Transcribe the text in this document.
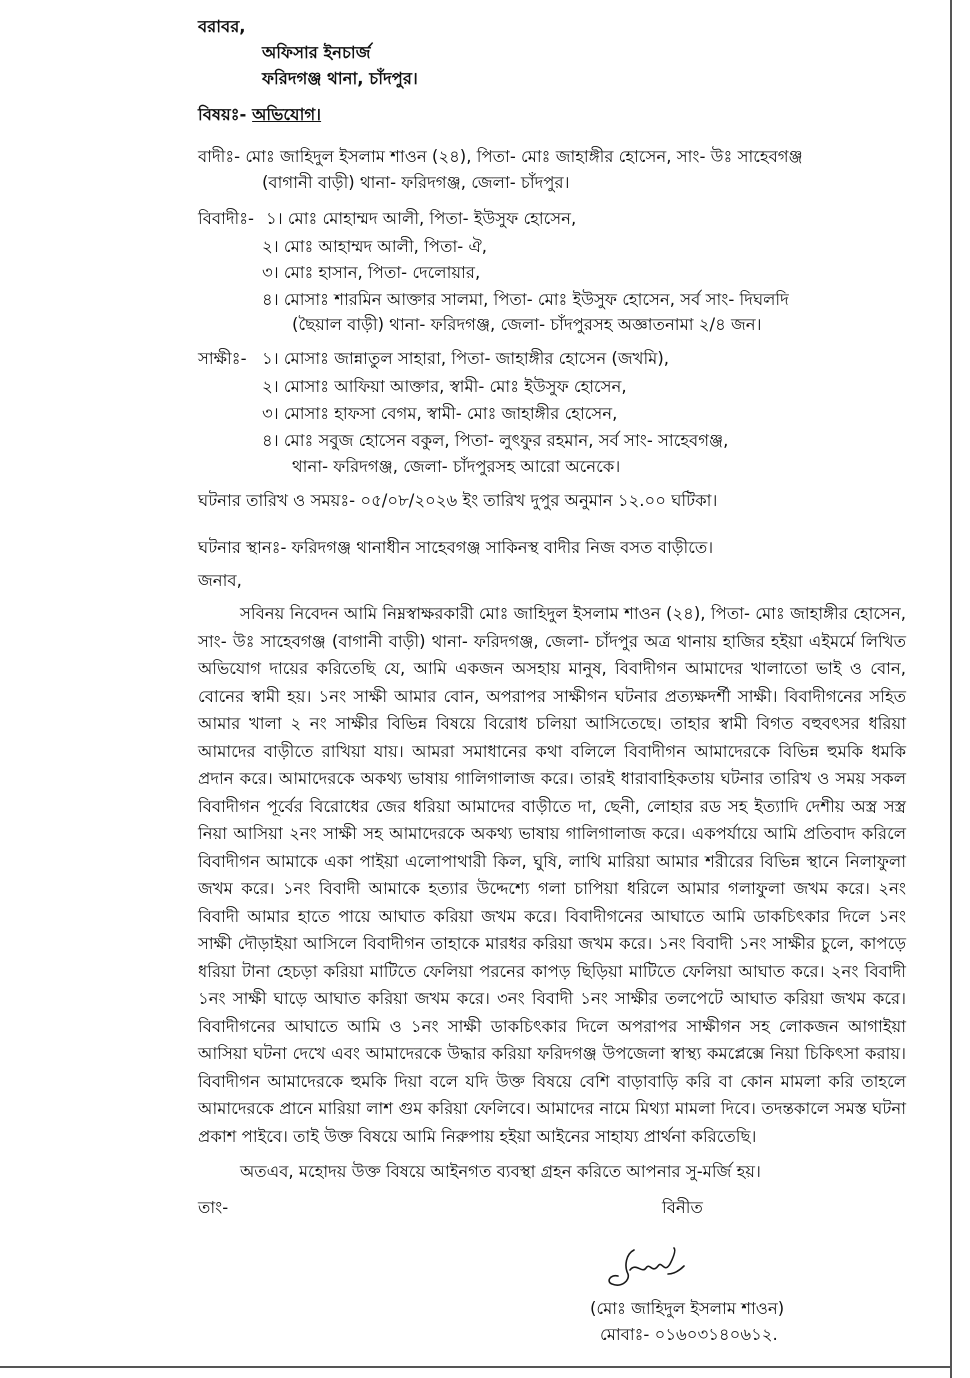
বরাবর,
অফিসার ইনচার্জ
ফরিদগঞ্জ থানা, চাঁদপুর।
বিষয়ঃ- অভিযোগ।
বাদীঃ- মোঃ জাহিদুল ইসলাম শাওন (২৪), পিতা- মোঃ জাহাঙ্গীর হোসেন, সাং- উঃ সাহেবগঞ্জ
(বাগানী বাড়ী) থানা- ফরিদগঞ্জ, জেলা- চাঁদপুর।
বিবাদীঃ- ১। মোঃ মোহাম্মদ আলী, পিতা- ইউসুফ হোসেন,
২। মোঃ আহাম্মদ আলী, পিতা- ঐ,
৩। মোঃ হাসান, পিতা- দেলোয়ার,
৪। মোসাঃ শারমিন আক্তার সালমা, পিতা- মোঃ ইউসুফ হোসেন, সর্ব সাং- দিঘলদি
(ছৈয়াল বাড়ী) থানা- ফরিদগঞ্জ, জেলা- চাঁদপুরসহ অজ্ঞাতনামা ২/৪ জন।
সাক্ষীঃ- ১। মোসাঃ জান্নাতুল সাহারা, পিতা- জাহাঙ্গীর হোসেন (জখমি),
২। মোসাঃ আফিয়া আক্তার, স্বামী- মোঃ ইউসুফ হোসেন,
৩। মোসাঃ হাফসা বেগম, স্বামী- মোঃ জাহাঙ্গীর হোসেন,
৪। মোঃ সবুজ হোসেন বকুল, পিতা- লুৎফুর রহমান, সর্ব সাং- সাহেবগঞ্জ,
থানা- ফরিদগঞ্জ, জেলা- চাঁদপুরসহ আরো অনেকে।
ঘটনার তারিখ ও সময়ঃ- ০৫/০৮/২০২৬ ইং তারিখ দুপুর অনুমান ১২.০০ ঘটিকা।
ঘটনার স্থানঃ- ফরিদগঞ্জ থানাধীন সাহেবগঞ্জ সাকিনস্থ বাদীর নিজ বসত বাড়ীতে।
জনাব,
সবিনয় নিবেদন আমি নিম্নস্বাক্ষরকারী মোঃ জাহিদুল ইসলাম শাওন (২৪), পিতা- মোঃ জাহাঙ্গীর হোসেন, সাং- উঃ সাহেবগঞ্জ (বাগানী বাড়ী) থানা- ফরিদগঞ্জ, জেলা- চাঁদপুর অত্র থানায় হাজির হইয়া এইমর্মে লিখিত অভিযোগ দায়ের করিতেছি যে, আমি একজন অসহায় মানুষ, বিবাদীগন আমাদের খালাতো ভাই ও বোন, বোনের স্বামী হয়। ১নং সাক্ষী আমার বোন, অপরাপর সাক্ষীগন ঘটনার প্রত্যক্ষদর্শী সাক্ষী। বিবাদীগনের সহিত আমার খালা ২ নং সাক্ষীর বিভিন্ন বিষয়ে বিরোধ চলিয়া আসিতেছে। তাহার স্বামী বিগত বহুবৎসর ধরিয়া আমাদের বাড়ীতে রাখিয়া যায়। আমরা সমাধানের কথা বলিলে বিবাদীগন আমাদেরকে বিভিন্ন হুমকি ধমকি প্রদান করে। আমাদেরকে অকথ্য ভাষায় গালিগালাজ করে। তারই ধারাবাহিকতায় ঘটনার তারিখ ও সময় সকল বিবাদীগন পূর্বের বিরোধের জের ধরিয়া আমাদের বাড়ীতে দা, ছেনী, লোহার রড সহ ইত্যাদি দেশীয় অস্ত্র সস্ত্র নিয়া আসিয়া ২নং সাক্ষী সহ আমাদেরকে অকথ্য ভাষায় গালিগালাজ করে। একপর্যায়ে আমি প্রতিবাদ করিলে বিবাদীগন আমাকে একা পাইয়া এলোপাথারী কিল, ঘুষি, লাথি মারিয়া আমার শরীরের বিভিন্ন স্থানে নিলাফুলা জখম করে। ১নং বিবাদী আমাকে হত্যার উদ্দেশ্যে গলা চাপিয়া ধরিলে আমার গলাফুলা জখম করে। ২নং বিবাদী আমার হাতে পায়ে আঘাত করিয়া জখম করে। বিবাদীগনের আঘাতে আমি ডাকচিৎকার দিলে ১নং সাক্ষী দৌড়াইয়া আসিলে বিবাদীগন তাহাকে মারধর করিয়া জখম করে। ১নং বিবাদী ১নং সাক্ষীর চুলে, কাপড়ে ধরিয়া টানা হেচড়া করিয়া মাটিতে ফেলিয়া পরনের কাপড় ছিড়িয়া মাটিতে ফেলিয়া আঘাত করে। ২নং বিবাদী ১নং সাক্ষী ঘাড়ে আঘাত করিয়া জখম করে। ৩নং বিবাদী ১নং সাক্ষীর তলপেটে আঘাত করিয়া জখম করে। বিবাদীগনের আঘাতে আমি ও ১নং সাক্ষী ডাকচিৎকার দিলে অপরাপর সাক্ষীগন সহ লোকজন আগাইয়া আসিয়া ঘটনা দেখে এবং আমাদেরকে উদ্ধার করিয়া ফরিদগঞ্জ উপজেলা স্বাস্থ্য কমপ্লেক্সে নিয়া চিকিৎসা করায়। বিবাদীগন আমাদেরকে হুমকি দিয়া বলে যদি উক্ত বিষয়ে বেশি বাড়াবাড়ি করি বা কোন মামলা করি তাহলে আমাদেরকে প্রানে মারিয়া লাশ গুম করিয়া ফেলিবে। আমাদের নামে মিথ্যা মামলা দিবে। তদন্তকালে সমস্ত ঘটনা প্রকাশ পাইবে। তাই উক্ত বিষয়ে আমি নিরুপায় হইয়া আইনের সাহায্য প্রার্থনা করিতেছি।
অতএব, মহোদয় উক্ত বিষয়ে আইনগত ব্যবস্থা গ্রহন করিতে আপনার সু-মর্জি হয়।
তাং-	বিনীত
(মোঃ জাহিদুল ইসলাম শাওন)
মোবাঃ- ০১৬০৩১৪০৬১২.
